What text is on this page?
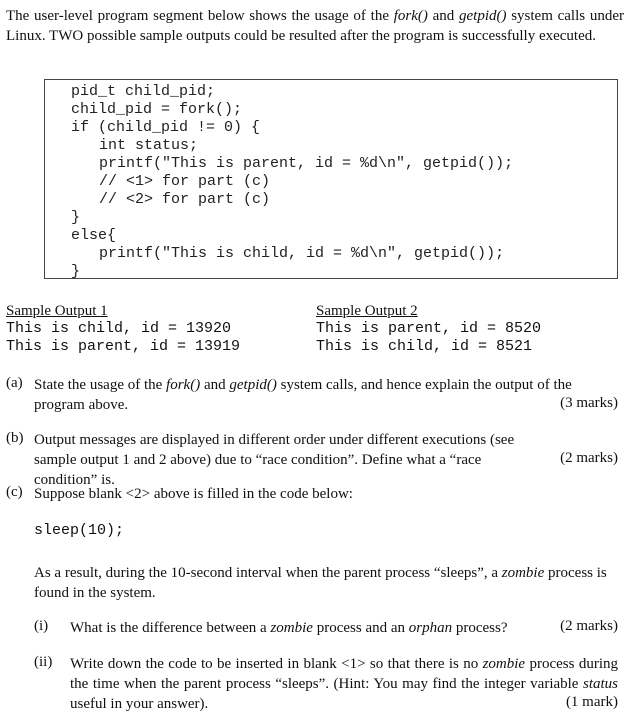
The user-level program segment below shows the usage of the fork() and getpid() system calls under Linux. TWO possible sample outputs could be resulted after the program is successfully executed.
pid_t child_pid;
child_pid = fork();
if (child_pid != 0) {
int status;
printf("This is parent, id = %d\n", getpid());
// <1> for part (c)
// <2> for part (c)
}
else{
printf("This is child, id = %d\n", getpid());
}
Sample Output 1
This is child, id = 13920
This is parent, id = 13919
Sample Output 2
This is parent, id = 8520
This is child, id = 8521
(a) State the usage of the fork() and getpid() system calls, and hence explain the output of the program above.	(3 marks)
(b) Output messages are displayed in different order under different executions (see sample output 1 and 2 above) due to “race condition”. Define what a “race condition” is.
(2 marks)
(c) Suppose blank <2> above is filled in the code below:
sleep(10);
As a result, during the 10-second interval when the parent process “sleeps”, a zombie process is found in the system.
(i) What is the difference between a zombie process and an orphan process?	(2 marks)
(ii) Write down the code to be inserted in blank <1> so that there is no zombie process during the time when the parent process “sleeps”. (Hint: You may find the integer variable status useful in your answer).	(1 mark)
